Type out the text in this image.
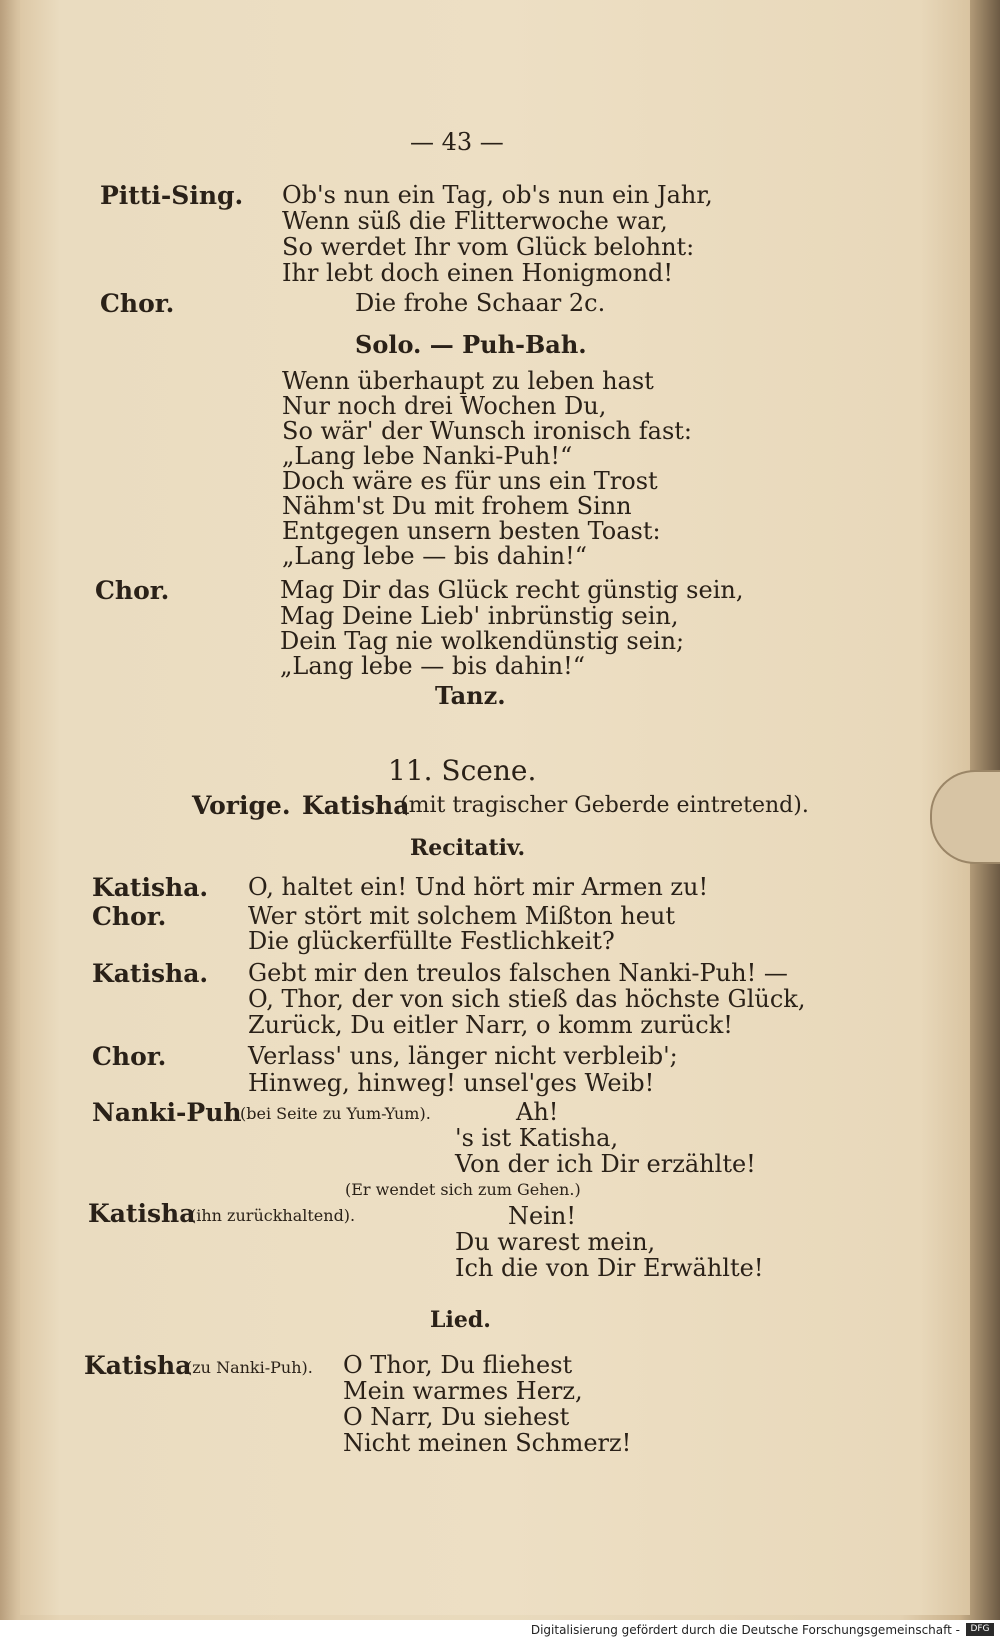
— 43 —
Pitti-Sing. Ob's nun ein Tag, ob's nun ein Jahr,
Wenn süß die Flitterwoche war,
So werdet Ihr vom Glück belohnt:
Ihr lebt doch einen Honigmond!
Chor.	Die frohe Schaar 2c.
Solo. — Puh-Bah.
Wenn überhaupt zu leben hast
Nur noch drei Wochen Du,
So wär' der Wunsch ironisch fast:
„Lang lebe Nanki-Puh!“
Doch wäre es für uns ein Trost
Nähm'st Du mit frohem Sinn
Entgegen unsern besten Toast:
„Lang lebe — bis dahin!“
Chor.	Mag Dir das Glück recht günstig sein,
Mag Deine Lieb' inbrünstig sein,
Dein Tag nie wolkendünstig sein;
„Lang lebe — bis dahin!“
Tanz.
11. Scene.
Vorige. Katisha
(mit tragischer Geberde eintretend).
Recitativ.
Katisha. O, haltet ein! Und hört mir Armen zu!
Chor.	Wer stört mit solchem Mißton heut
Die glückerfüllte Festlichkeit?
Katisha. Gebt mir den treulos falschen Nanki-Puh! —
O, Thor, der von sich stieß das höchste Glück,
Zurück, Du eitler Narr, o komm zurück!
Chor.	Verlass' uns, länger nicht verbleib';
Hinweg, hinweg! unsel'ges Weib!
Nanki-Puh
(bei Seite zu Yum-Yum).	Ah!
's ist Katisha,
Von der ich Dir erzählte!
(Er wendet sich zum Gehen.)
Katisha
(ihn zurückhaltend).	Nein!
Du warest mein,
Ich die von Dir Erwählte!
Lied.
Katisha
(zu Nanki-Puh). O Thor, Du fliehest
Mein warmes Herz,
O Narr, Du siehest
Nicht meinen Schmerz!
Digitalisierung gefördert durch die Deutsche Forschungsgemeinschaft -	DFG
